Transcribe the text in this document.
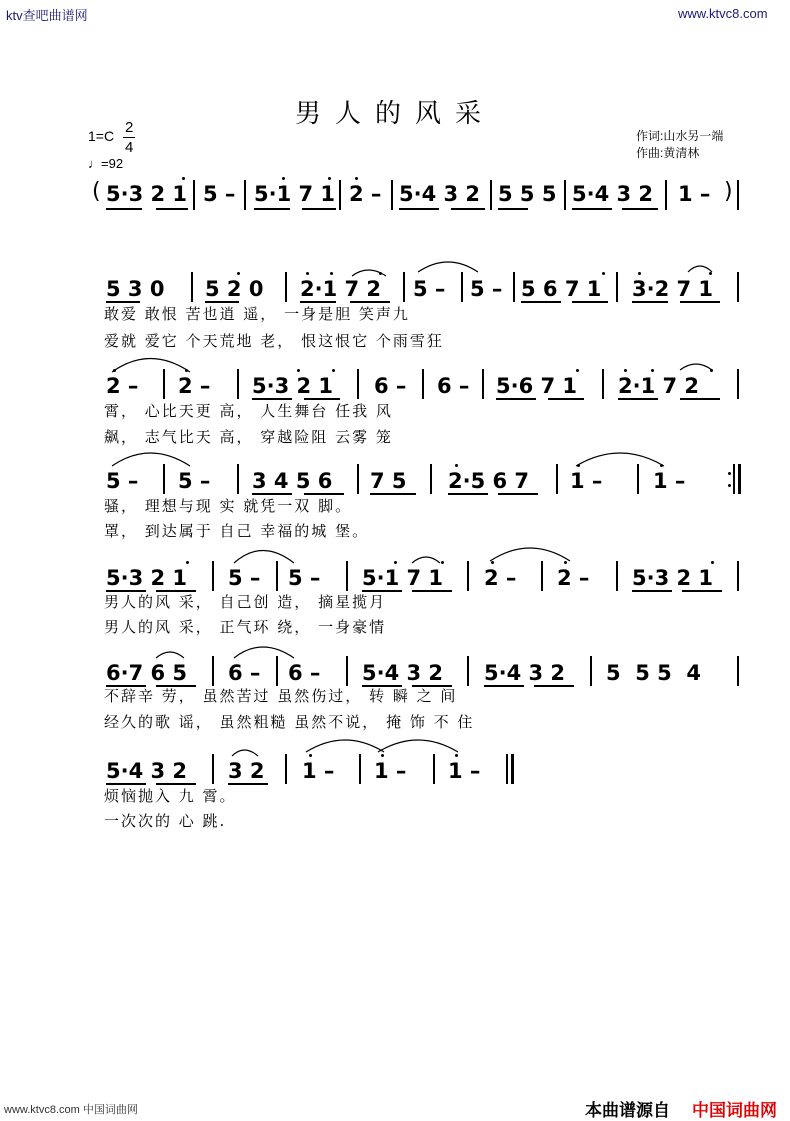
ktv查吧曲谱网	www.ktvc8.com
男人的风采
1=C 2
4
♩=92
作词:山水另一端
作曲:黄清林
( 5·3 2 1 5 – 5·1 7 1 2 – 5·4 3 2 5 5 5 5·4 3 2 1 – )
5 3 0 5 2 0 2·1 7 2 5 – 5 – 5 6 7 1 3·2 7 1
敢爱 敢恨 苦也逍 遥， 一身是胆 笑声九
爱就 爱它 个天荒地 老， 恨这恨它 个雨雪狂
2 – 2 – 5·3 2 1 6 – 6 – 5·6 7 1 2·1 7 2
霄， 心比天更 高， 人生舞台 任我 风
飙， 志气比天 高， 穿越险阻 云雾 笼
5 – 5 – 3 4 5 6 7 5 2·5 6 7 1 – 1 –
骚， 理想与现 实 就凭一双 脚。
罩， 到达属于 自己 幸福的城 堡。
5·3 2 1 5 – 5 – 5·1 7 1 2 – 2 – 5·3 2 1
男人的风 采， 自己创 造， 摘星揽月
男人的风 采， 正气环 绕， 一身豪情
6·7 6 5 6 – 6 – 5·4 3 2 5·4 3 2 5  5 5  4
不辞辛 劳， 虽然苦过 虽然伤过， 转 瞬 之 间
经久的歌 谣， 虽然粗糙 虽然不说， 掩 饰 不 住
5·4 3 2 3 2 1 – 1 – 1 –
烦恼抛入 九 霄。
一次次的 心 跳.
www.ktvc8.com 中国词曲网	本曲谱源自 中国词曲网
